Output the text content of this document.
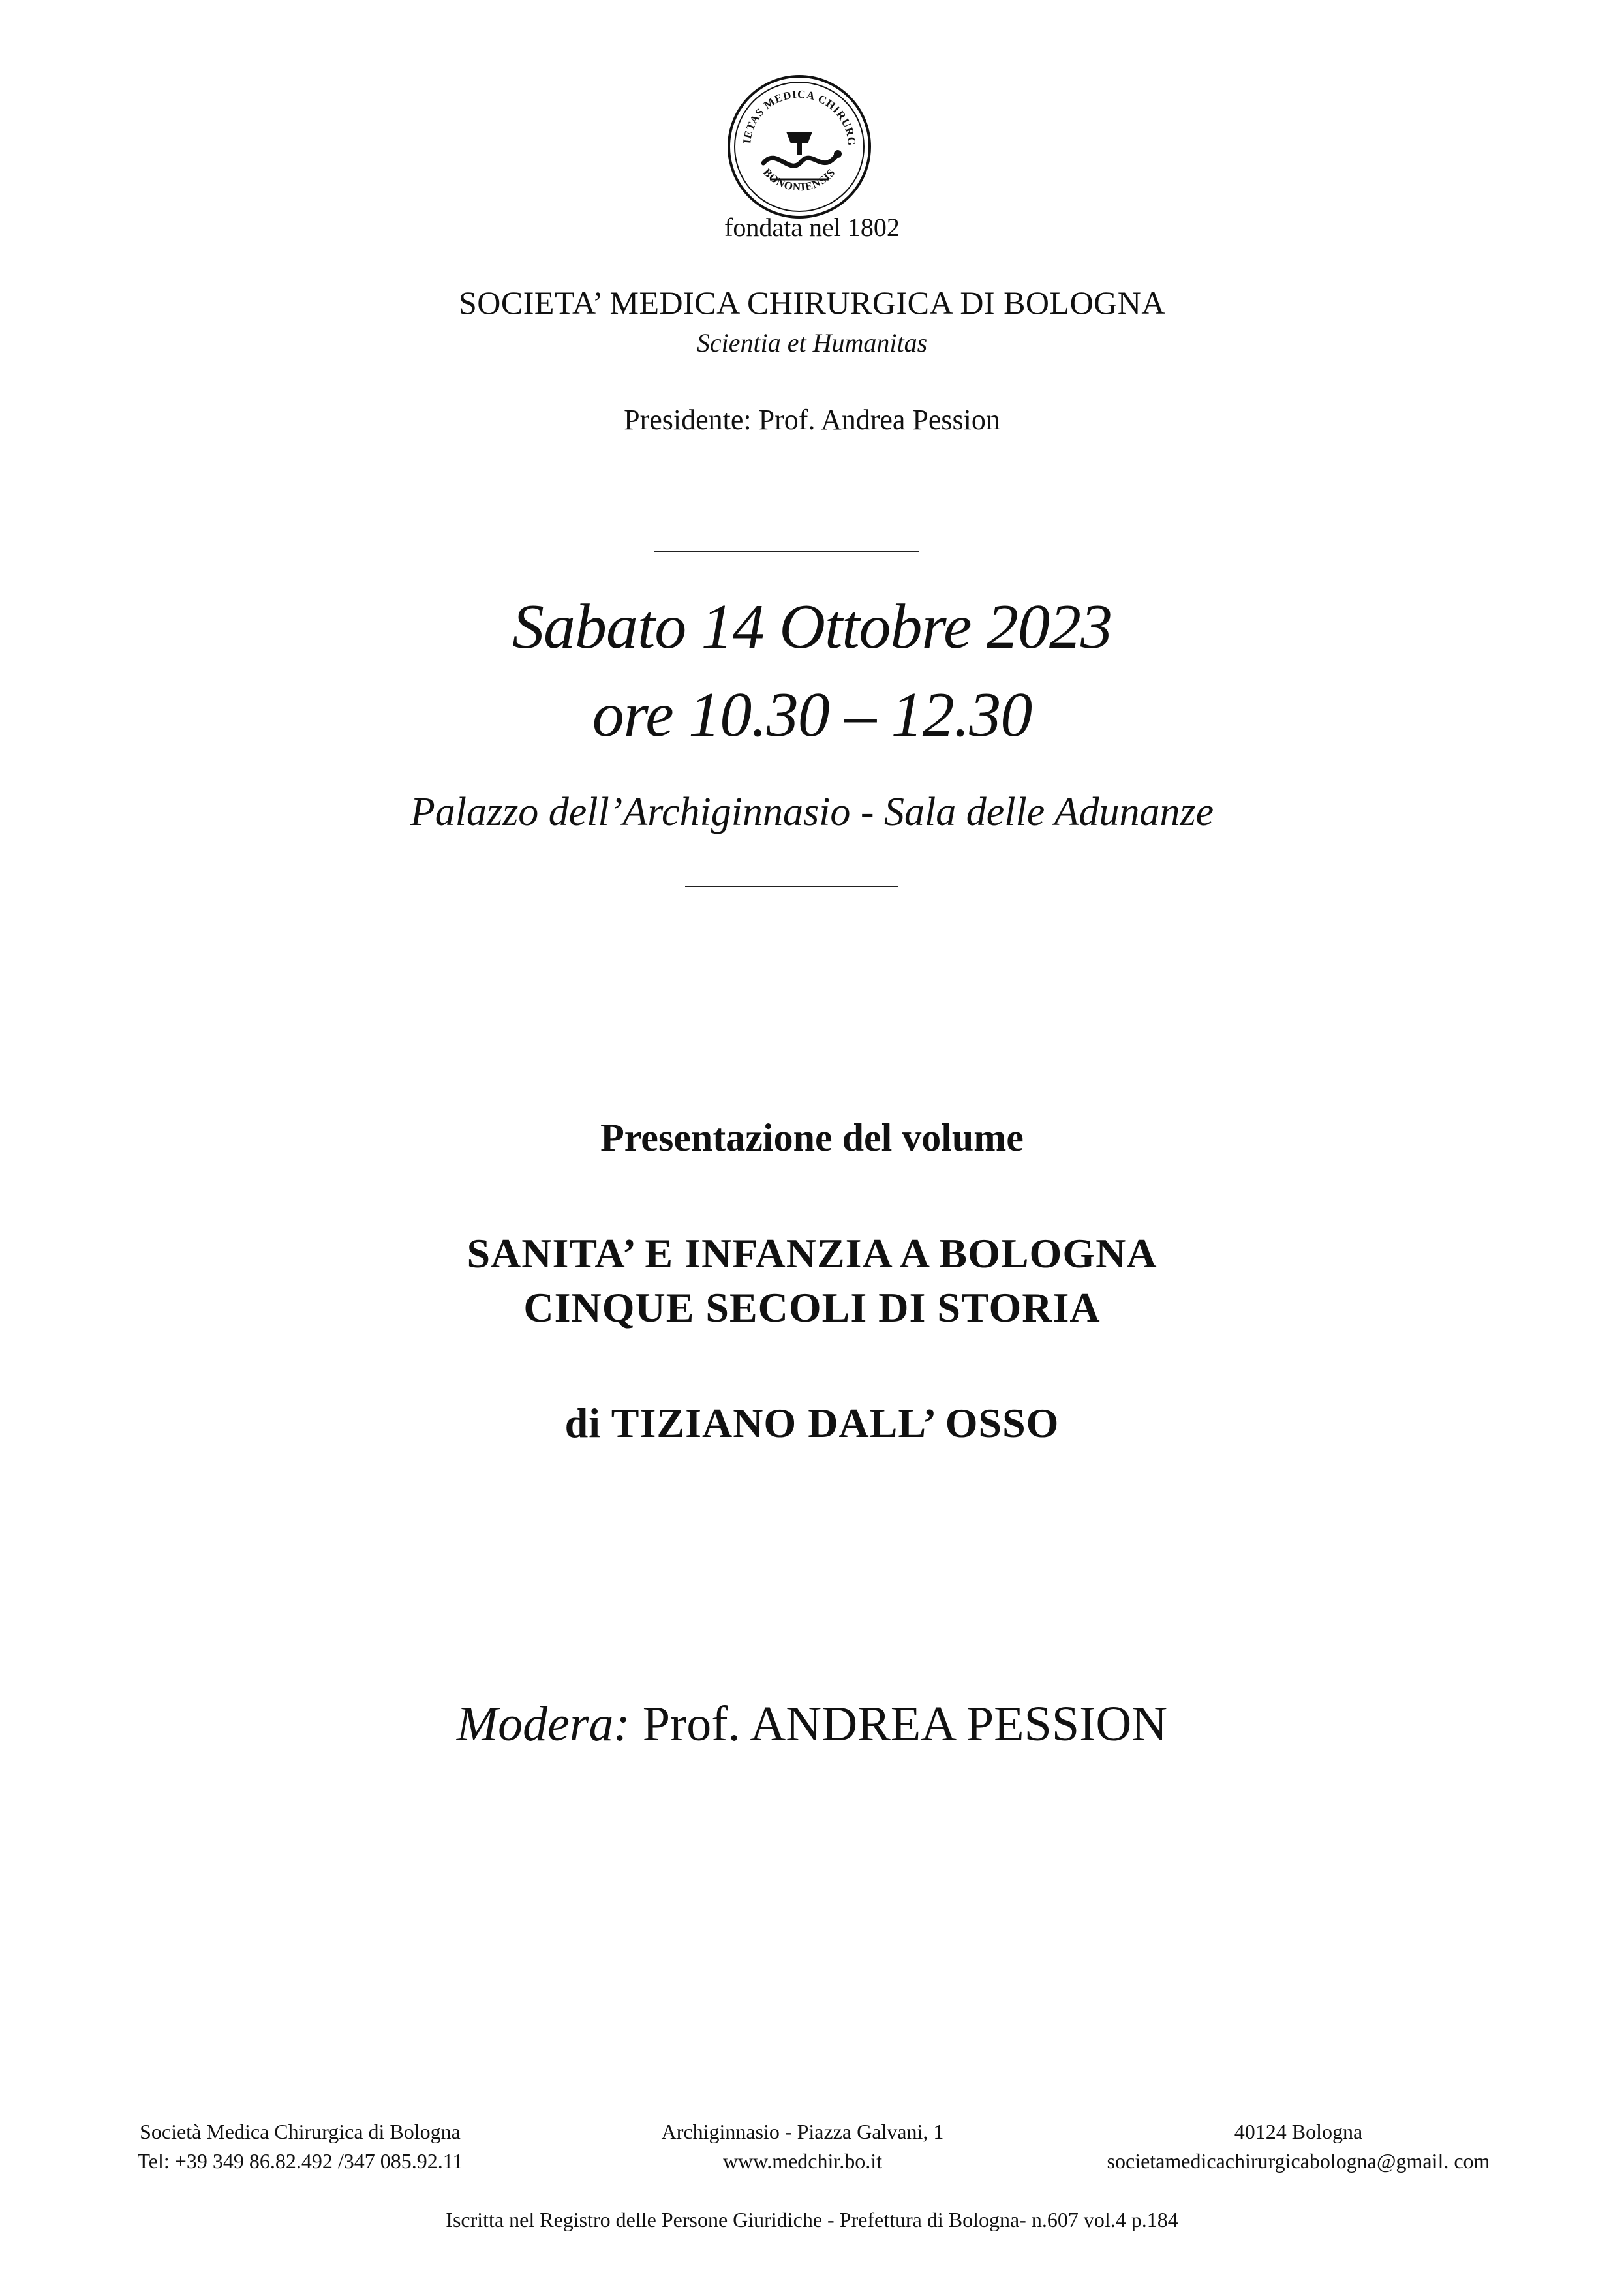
IETAS MEDICA CHIRURG
BONONIENSIS
fondata nel 1802
SOCIETA’ MEDICA CHIRURGICA DI BOLOGNA
Scientia et Humanitas
Presidente: Prof. Andrea Pession
Sabato 14 Ottobre 2023
ore 10.30 – 12.30
Palazzo dell’Archiginnasio - Sala delle Adunanze
Presentazione del volume
SANITA’ E INFANZIA A BOLOGNA
CINQUE SECOLI DI STORIA
di TIZIANO DALL’ OSSO
Modera: Prof. ANDREA PESSION
Società Medica Chirurgica di Bologna
Tel: +39 349 86.82.492 /347 085.92.11
Archiginnasio - Piazza Galvani, 1
www.medchir.bo.it
40124 Bologna
societamedicachirurgicabologna@gmail. com
Iscritta nel Registro delle Persone Giuridiche - Prefettura di Bologna- n.607 vol.4 p.184
